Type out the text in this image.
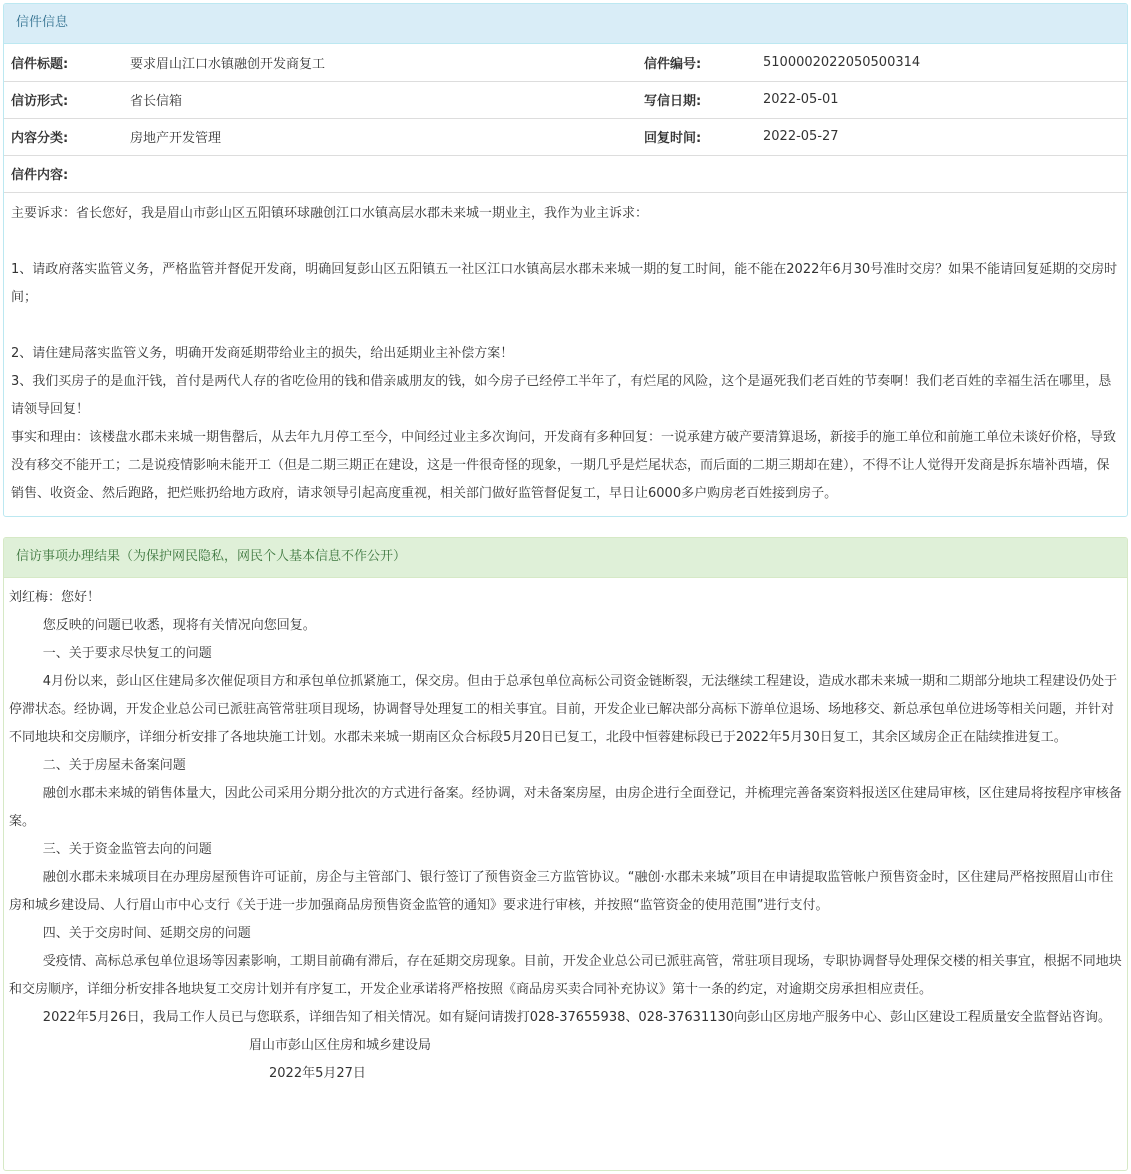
信件信息
信件标题:	要求眉山江口水镇融创开发商复工	信件编号:	5100002022050500314
信访形式:	省长信箱	写信日期:	2022-05-01
内容分类:	房地产开发管理	回复时间:	2022-05-27
信件内容:			

主要诉求：省长您好，我是眉山市彭山区五阳镇环球融创江口水镇高层水郡未来城一期业主，我作为业主诉求：

1、请政府落实监管义务，严格监管并督促开发商，明确回复彭山区五阳镇五一社区江口水镇高层水郡未来城一期的复工时间，能不能在2022年6月30号准时交房？如果不能请回复延期的交房时间；

2、请住建局落实监管义务，明确开发商延期带给业主的损失，给出延期业主补偿方案！

3、我们买房子的是血汗钱，首付是两代人存的省吃俭用的钱和借亲戚朋友的钱，如今房子已经停工半年了，有烂尾的风险，这个是逼死我们老百姓的节奏啊！我们老百姓的幸福生活在哪里，恳请领导回复！

事实和理由：该楼盘水郡未来城一期售罄后，从去年九月停工至今，中间经过业主多次询问，开发商有多种回复：一说承建方破产要清算退场，新接手的施工单位和前施工单位未谈好价格，导致没有移交不能开工；二是说疫情影响未能开工（但是二期三期正在建设，这是一件很奇怪的现象，一期几乎是烂尾状态，而后面的二期三期却在建），不得不让人觉得开发商是拆东墙补西墙，保销售、收资金、然后跑路，把烂账扔给地方政府，请求领导引起高度重视，相关部门做好监管督促复工，早日让6000多户购房老百姓接到房子。

信访事项办理结果（为保护网民隐私，网民个人基本信息不作公开）

刘红梅：您好！

您反映的问题已收悉，现将有关情况向您回复。

一、关于要求尽快复工的问题

4月份以来，彭山区住建局多次催促项目方和承包单位抓紧施工，保交房。但由于总承包单位高标公司资金链断裂，无法继续工程建设，造成水郡未来城一期和二期部分地块工程建设仍处于停滞状态。经协调，开发企业总公司已派驻高管常驻项目现场，协调督导处理复工的相关事宜。目前，开发企业已解决部分高标下游单位退场、场地移交、新总承包单位进场等相关问题，并针对不同地块和交房顺序，详细分析安排了各地块施工计划。水郡未来城一期南区众合标段5月20日已复工，北段中恒蓉建标段已于2022年5月30日复工，其余区域房企正在陆续推进复工。

二、关于房屋未备案问题

融创水郡未来城的销售体量大，因此公司采用分期分批次的方式进行备案。经协调，对未备案房屋，由房企进行全面登记，并梳理完善备案资料报送区住建局审核，区住建局将按程序审核备案。

三、关于资金监管去向的问题

融创水郡未来城项目在办理房屋预售许可证前，房企与主管部门、银行签订了预售资金三方监管协议。“融创·水郡未来城”项目在申请提取监管帐户预售资金时，区住建局严格按照眉山市住房和城乡建设局、人行眉山市中心支行《关于进一步加强商品房预售资金监管的通知》要求进行审核，并按照“监管资金的使用范围”进行支付。

四、关于交房时间、延期交房的问题

受疫情、高标总承包单位退场等因素影响，工期目前确有滞后，存在延期交房现象。目前，开发企业总公司已派驻高管，常驻项目现场，专职协调督导处理保交楼的相关事宜，根据不同地块和交房顺序，详细分析安排各地块复工交房计划并有序复工，开发企业承诺将严格按照《商品房买卖合同补充协议》第十一条的约定，对逾期交房承担相应责任。

2022年5月26日，我局工作人员已与您联系，详细告知了相关情况。如有疑问请拨打028-37655938、028-37631130向彭山区房地产服务中心、彭山区建设工程质量安全监督站咨询。

眉山市彭山区住房和城乡建设局

2022年5月27日
